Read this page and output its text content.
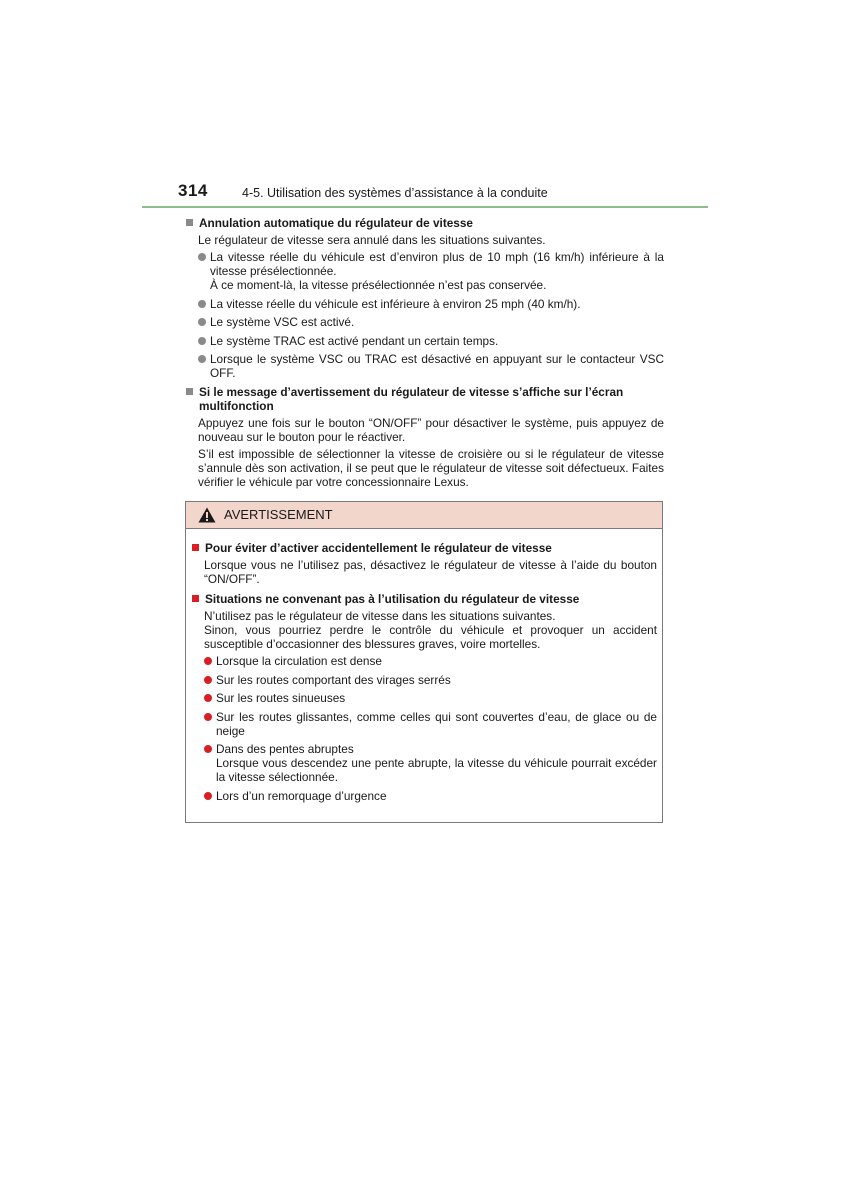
314	4-5. Utilisation des systèmes d’assistance à la conduite
Annulation automatique du régulateur de vitesse
Le régulateur de vitesse sera annulé dans les situations suivantes.
La vitesse réelle du véhicule est d’environ plus de 10 mph (16 km/h) inférieure à la vitesse présélectionnée.
À ce moment-là, la vitesse présélectionnée n’est pas conservée.
La vitesse réelle du véhicule est inférieure à environ 25 mph (40 km/h).
Le système VSC est activé.
Le système TRAC est activé pendant un certain temps.
Lorsque le système VSC ou TRAC est désactivé en appuyant sur le contacteur VSC OFF.
Si le message d’avertissement du régulateur de vitesse s’affiche sur l’écran multifonction
Appuyez une fois sur le bouton “ON/OFF” pour désactiver le système, puis appuyez de nouveau sur le bouton pour le réactiver.
S’il est impossible de sélectionner la vitesse de croisière ou si le régulateur de vitesse s’annule dès son activation, il se peut que le régulateur de vitesse soit défectueux. Faites vérifier le véhicule par votre concessionnaire Lexus.
AVERTISSEMENT
Pour éviter d’activer accidentellement le régulateur de vitesse
Lorsque vous ne l’utilisez pas, désactivez le régulateur de vitesse à l’aide du bouton “ON/OFF”.
Situations ne convenant pas à l’utilisation du régulateur de vitesse
N’utilisez pas le régulateur de vitesse dans les situations suivantes.
Sinon, vous pourriez perdre le contrôle du véhicule et provoquer un accident susceptible d’occasionner des blessures graves, voire mortelles.
Lorsque la circulation est dense
Sur les routes comportant des virages serrés
Sur les routes sinueuses
Sur les routes glissantes, comme celles qui sont couvertes d’eau, de glace ou de neige
Dans des pentes abruptes
Lorsque vous descendez une pente abrupte, la vitesse du véhicule pourrait excéder la vitesse sélectionnée.
Lors d’un remorquage d’urgence
